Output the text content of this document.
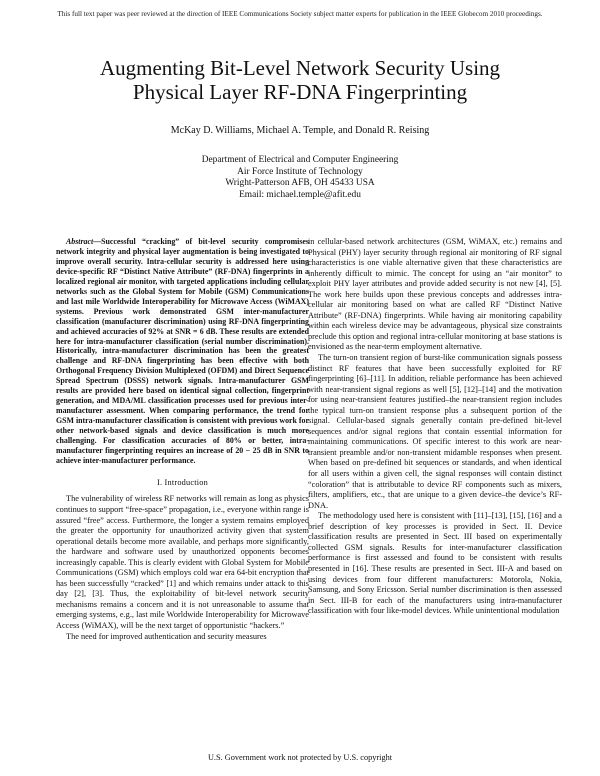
This full text paper was peer reviewed at the direction of IEEE Communications Society subject matter experts for publication in the IEEE Globecom 2010 proceedings.
Augmenting Bit-Level Network Security Using
Physical Layer RF-DNA Fingerprinting
McKay D. Williams, Michael A. Temple, and Donald R. Reising
Department of Electrical and Computer Engineering
Air Force Institute of Technology
Wright-Patterson AFB, OH 45433 USA
Email: michael.temple@afit.edu

Abstract—Successful “cracking” of bit-level security compromises network integrity and physical layer augmentation is being investigated to improve overall security. Intra-cellular security is addressed here using device-specific RF “Distinct Native Attribute” (RF-DNA) fingerprints in a localized regional air monitor, with targeted applications including cellular networks such as the Global System for Mobile (GSM) Communications and last mile Worldwide Interoperability for Microwave Access (WiMAX) systems. Previous work demonstrated GSM inter-manufacturer classification (manufacturer discrimination) using RF-DNA fingerprinting and achieved accuracies of 92% at SNR = 6 dB. These results are extended here for intra-manufacturer classification (serial number discrimination). Historically, intra-manufacturer discrimination has been the greatest challenge and RF-DNA fingerprinting has been effective with both Orthogonal Frequency Division Multiplexed (OFDM) and Direct Sequence Spread Spectrum (DSSS) network signals. Intra-manufacturer GSM results are provided here based on identical signal collection, fingerprint generation, and MDA/ML classification processes used for previous inter-manufacturer assessment. When comparing performance, the trend for GSM intra-manufacturer classification is consistent with previous work for other network-based signals and device classification is much more challenging. For classification accuracies of 80% or better, intra-manufacturer fingerprinting requires an increase of 20 − 25 dB in SNR to achieve inter-manufacturer performance.

I. Introduction

The vulnerability of wireless RF networks will remain as long as physics continues to support “free-space” propagation, i.e., everyone within range is assured “free” access. Furthermore, the longer a system remains employed the greater the opportunity for unauthorized activity given that system operational details become more available, and perhaps more significantly, the hardware and software used by unauthorized opponents becomes increasingly capable. This is clearly evident with Global System for Mobile Communications (GSM) which employs cold war era 64-bit encryption that has been successfully “cracked” [1] and which remains under attack to this day [2], [3]. Thus, the exploitability of bit-level network security mechanisms remains a concern and it is not unreasonable to assume that emerging systems, e.g., last mile Worldwide Interoperability for Microwave Access (WiMAX), will be the next target of opportunistic “hackers.”

The need for improved authentication and security measures

in cellular-based network architectures (GSM, WiMAX, etc.) remains and Physical (PHY) layer security through regional air monitoring of RF signal characteristics is one viable alternative given that these characteristics are inherently difficult to mimic. The concept for using an “air monitor” to exploit PHY layer attributes and provide added security is not new [4], [5]. The work here builds upon these previous concepts and addresses intra-cellular air monitoring based on what are called RF “Distinct Native Attribute” (RF-DNA) fingerprints. While having air monitoring capability within each wireless device may be advantageous, physical size constraints preclude this option and regional intra-cellular monitoring at base stations is envisioned as the near-term employment alternative.

The turn-on transient region of burst-like communication signals possess distinct RF features that have been successfully exploited for RF fingerprinting [6]–[11]. In addition, reliable performance has been achieved with near-transient signal regions as well [5], [12]–[14] and the motivation for using near-transient features justified–the near-transient region includes the typical turn-on transient response plus a subsequent portion of the signal. Cellular-based signals generally contain pre-defined bit-level sequences and/or signal regions that contain essential information for maintaining communications. Of specific interest to this work are near-transient preamble and/or non-transient midamble responses when present. When based on pre-defined bit sequences or standards, and when identical for all users within a given cell, the signal responses will contain distinct “coloration” that is attributable to device RF components such as mixers, filters, amplifiers, etc., that are unique to a given device–the device’s RF-DNA.

The methodology used here is consistent with [11]–[13], [15], [16] and a brief description of key processes is provided in Sect. II. Device classification results are presented in Sect. III based on experimentally collected GSM signals. Results for inter-manufacturer classification performance is first assessed and found to be consistent with results presented in [16]. These results are presented in Sect. III-A and based on using devices from four different manufacturers: Motorola, Nokia, Samsung, and Sony Ericsson. Serial number discrimination is then assessed in Sect. III-B for each of the manufacturers using intra-manufacturer classification with four like-model devices. While unintentional modulation

U.S. Government work not protected by U.S. copyright
